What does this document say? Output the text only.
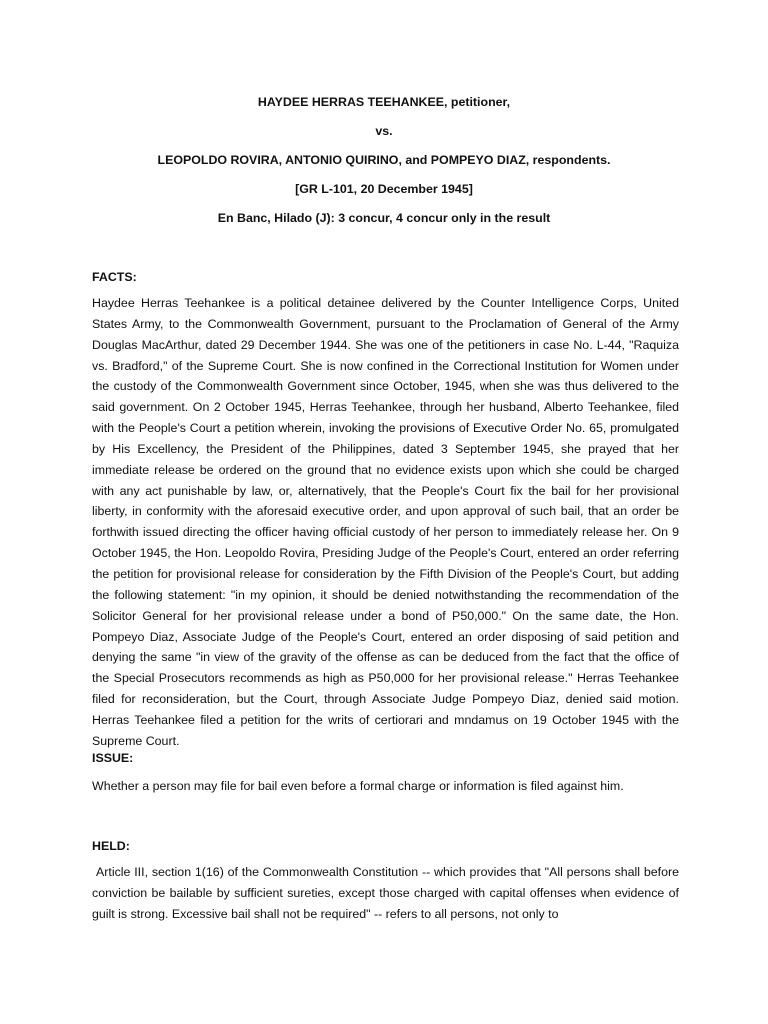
HAYDEE HERRAS TEEHANKEE, petitioner,
vs.
LEOPOLDO ROVIRA, ANTONIO QUIRINO, and POMPEYO DIAZ, respondents.
[GR L-101, 20 December 1945]
En Banc, Hilado (J): 3 concur, 4 concur only in the result
FACTS:
Haydee Herras Teehankee is a political detainee delivered by the Counter Intelligence Corps, United States Army, to the Commonwealth Government, pursuant to the Proclamation of General of the Army Douglas MacArthur, dated 29 December 1944. She was one of the petitioners in case No. L-44, "Raquiza vs. Bradford," of the Supreme Court. She is now confined in the Correctional Institution for Women under the custody of the Commonwealth Government since October, 1945, when she was thus delivered to the said government. On 2 October 1945, Herras Teehankee, through her husband, Alberto Teehankee, filed with the People's Court a petition wherein, invoking the provisions of Executive Order No. 65, promulgated by His Excellency, the President of the Philippines, dated 3 September 1945, she prayed that her immediate release be ordered on the ground that no evidence exists upon which she could be charged with any act punishable by law, or, alternatively, that the People's Court fix the bail for her provisional liberty, in conformity with the aforesaid executive order, and upon approval of such bail, that an order be forthwith issued directing the officer having official custody of her person to immediately release her. On 9 October 1945, the Hon. Leopoldo Rovira, Presiding Judge of the People's Court, entered an order referring the petition for provisional release for consideration by the Fifth Division of the People's Court, but adding the following statement: "in my opinion, it should be denied notwithstanding the recommendation of the Solicitor General for her provisional release under a bond of P50,000." On the same date, the Hon. Pompeyo Diaz, Associate Judge of the People's Court, entered an order disposing of said petition and denying the same "in view of the gravity of the offense as can be deduced from the fact that the office of the Special Prosecutors recommends as high as P50,000 for her provisional release." Herras Teehankee filed for reconsideration, but the Court, through Associate Judge Pompeyo Diaz, denied said motion. Herras Teehankee filed a petition for the writs of certiorari and mndamus on 19 October 1945 with the Supreme Court.
ISSUE:
Whether a person may file for bail even before a formal charge or information is filed against him.
HELD:
Article III, section 1(16) of the Commonwealth Constitution -- which provides that "All persons shall before conviction be bailable by sufficient sureties, except those charged with capital offenses when evidence of guilt is strong. Excessive bail shall not be required" -- refers to all persons, not only to
